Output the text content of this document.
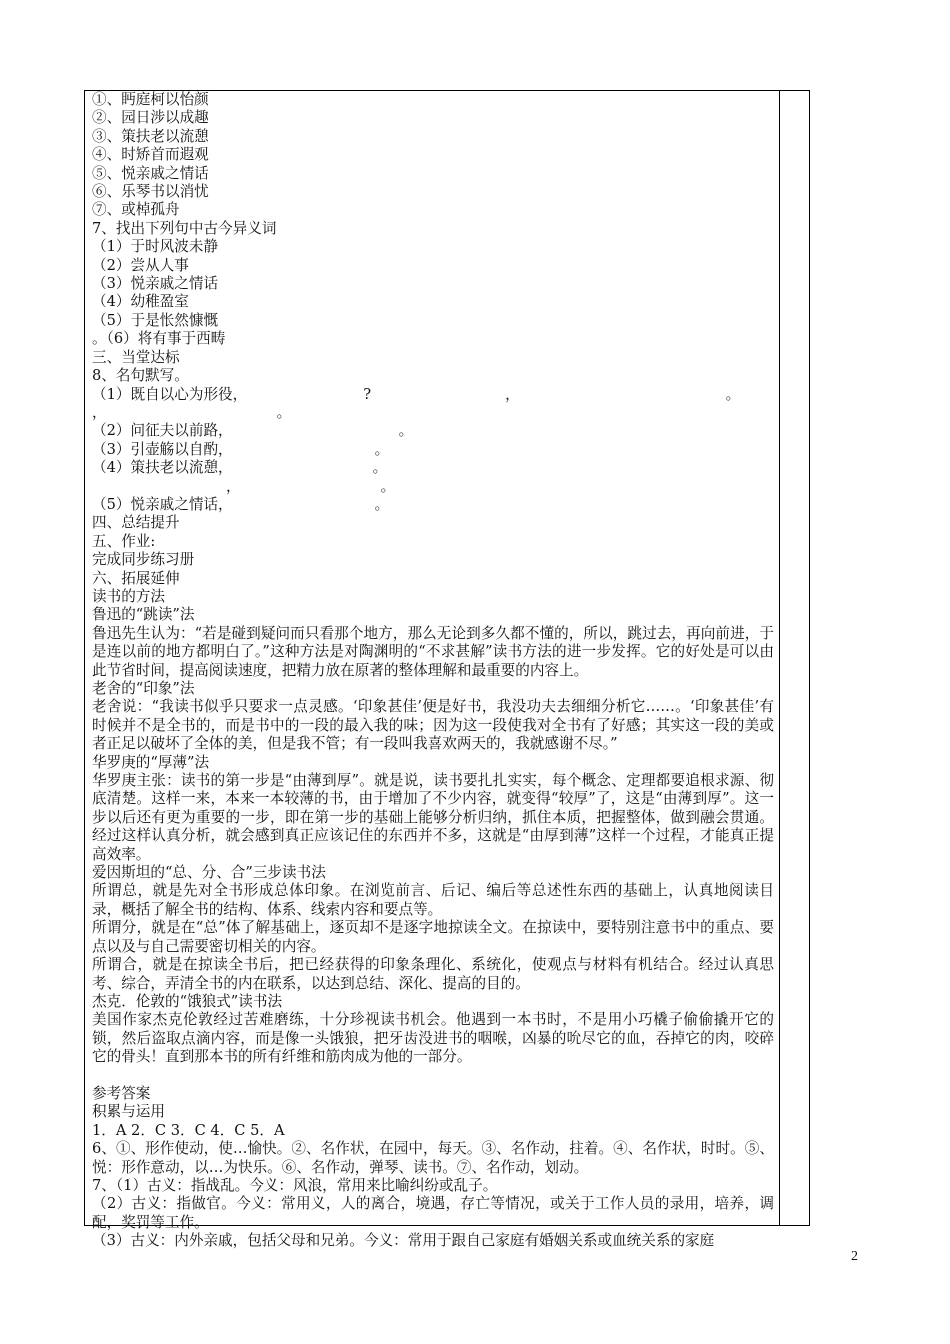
①、眄庭柯以怡颜

②、园日涉以成趣

③、策扶老以流憩

④、时矫首而遐观

⑤、悦亲戚之情话

⑥、乐琴书以消忧

⑦、或棹孤舟

7、找出下列句中古今异义词

（1）于时风波未静

（2）尝从人事

（3）悦亲戚之情话

（4）幼稚盈室

（5）于是怅然慷慨

。（6）将有事于西畴

三、当堂达标

8、名句默写。

（1）既自以心为形役，	?	，	。

，	。

（2）问征夫以前路，	。

（3）引壶觞以自酌，	。

（4）策扶老以流憩，	。

，	。

（5）悦亲戚之情话，	。

四、总结提升

五、作业:

完成同步练习册

六、拓展延伸

读书的方法

鲁迅的“跳读”法

鲁迅先生认为：“若是碰到疑问而只看那个地方，那么无论到多久都不懂的，所以，跳过去，再向前进，于是连以前的地方都明白了。”这种方法是对陶渊明的“不求甚解”读书方法的进一步发挥。它的好处是可以由此节省时间，提高阅读速度，把精力放在原著的整体理解和最重要的内容上。

老舍的“印象”法

老舍说：“我读书似乎只要求一点灵感。‘印象甚佳’便是好书，我没功夫去细细分析它……。‘印象甚佳’有时候并不是全书的，而是书中的一段的最入我的味；因为这一段使我对全书有了好感；其实这一段的美或者正足以破坏了全体的美，但是我不管；有一段叫我喜欢两天的，我就感谢不尽。”

华罗庚的“厚薄”法

华罗庚主张：读书的第一步是“由薄到厚”。就是说，读书要扎扎实实，每个概念、定理都要追根求源、彻底清楚。这样一来，本来一本较薄的书，由于增加了不少内容，就变得“较厚”了，这是“由薄到厚”。这一步以后还有更为重要的一步，即在第一步的基础上能够分析归纳，抓住本质，把握整体，做到融会贯通。经过这样认真分析，就会感到真正应该记住的东西并不多，这就是“由厚到薄”这样一个过程，才能真正提高效率。

爱因斯坦的“总、分、合”三步读书法

所谓总，就是先对全书形成总体印象。在浏览前言、后记、编后等总述性东西的基础上，认真地阅读目录，概括了解全书的结构、体系、线索内容和要点等。

所谓分，就是在“总”体了解基础上，逐页却不是逐字地掠读全文。在掠读中，要特别注意书中的重点、要点以及与自己需要密切相关的内容。

所谓合，就是在掠读全书后，把已经获得的印象条理化、系统化，使观点与材料有机结合。经过认真思考、综合，弄清全书的内在联系，以达到总结、深化、提高的目的。

杰克．伦敦的“饿狼式”读书法

美国作家杰克伦敦经过苦难磨练，十分珍视读书机会。他遇到一本书时，不是用小巧橇子偷偷撬开它的锁，然后盗取点滴内容，而是像一头饿狼，把牙齿没进书的咽喉，凶暴的吮尽它的血，吞掉它的肉，咬碎它的骨头！直到那本书的所有纤维和筋肉成为他的一部分。

参考答案

积累与运用

1．A 2．C 3．C 4．C 5．A

6、①、形作使动，使…愉快。②、名作状，在园中，每天。③、名作动，拄着。④、名作状，时时。⑤、悦：形作意动，以…为快乐。⑥、名作动，弹琴、读书。⑦、名作动，划动。

7、（1）古义：指战乱。今义：风浪，常用来比喻纠纷或乱子。

（2）古义：指做官。今义：常用义，人的离合，境遇，存亡等情况，或关于工作人员的录用，培养，调 配，奖罚等工作。

（3）古义：内外亲戚，包括父母和兄弟。今义：常用于跟自己家庭有婚姻关系或血统关系的家庭

2
